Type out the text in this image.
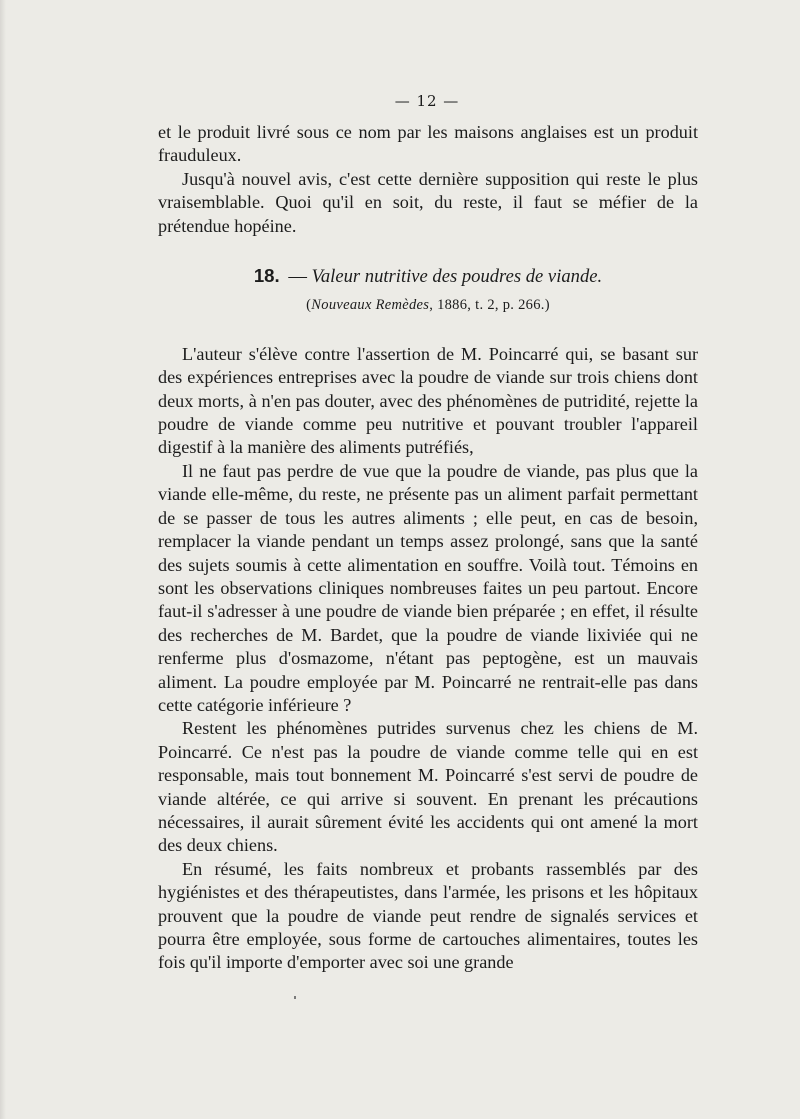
— 12 —

et le produit livré sous ce nom par les maisons anglaises est un produit frauduleux.

Jusqu'à nouvel avis, c'est cette dernière supposition qui reste le plus vraisemblable. Quoi qu'il en soit, du reste, il faut se méfier de la prétendue hopéine.

18. — Valeur nutritive des poudres de viande.
(Nouveaux Remèdes, 1886, t. 2, p. 266.)

L'auteur s'élève contre l'assertion de M. Poincarré qui, se basant sur des expériences entreprises avec la poudre de viande sur trois chiens dont deux morts, à n'en pas douter, avec des phénomènes de putridité, rejette la poudre de viande comme peu nutritive et pouvant troubler l'appareil digestif à la manière des aliments putréfiés,

Il ne faut pas perdre de vue que la poudre de viande, pas plus que la viande elle-même, du reste, ne présente pas un aliment parfait permettant de se passer de tous les autres aliments ; elle peut, en cas de besoin, remplacer la viande pendant un temps assez prolongé, sans que la santé des sujets soumis à cette alimentation en souffre. Voilà tout. Témoins en sont les observations cliniques nombreuses faites un peu partout. Encore faut-il s'adresser à une poudre de viande bien préparée ; en effet, il résulte des recherches de M. Bardet, que la poudre de viande lixiviée qui ne renferme plus d'osmazome, n'étant pas peptogène, est un mauvais aliment. La poudre employée par M. Poincarré ne rentrait-elle pas dans cette catégorie inférieure ?

Restent les phénomènes putrides survenus chez les chiens de M. Poincarré. Ce n'est pas la poudre de viande comme telle qui en est responsable, mais tout bonnement M. Poincarré s'est servi de poudre de viande altérée, ce qui arrive si souvent. En prenant les précautions nécessaires, il aurait sûrement évité les accidents qui ont amené la mort des deux chiens.

En résumé, les faits nombreux et probants rassemblés par des hygiénistes et des thérapeutistes, dans l'armée, les prisons et les hôpitaux prouvent que la poudre de viande peut rendre de signalés services et pourra être employée, sous forme de cartouches alimentaires, toutes les fois qu'il importe d'emporter avec soi une grande
